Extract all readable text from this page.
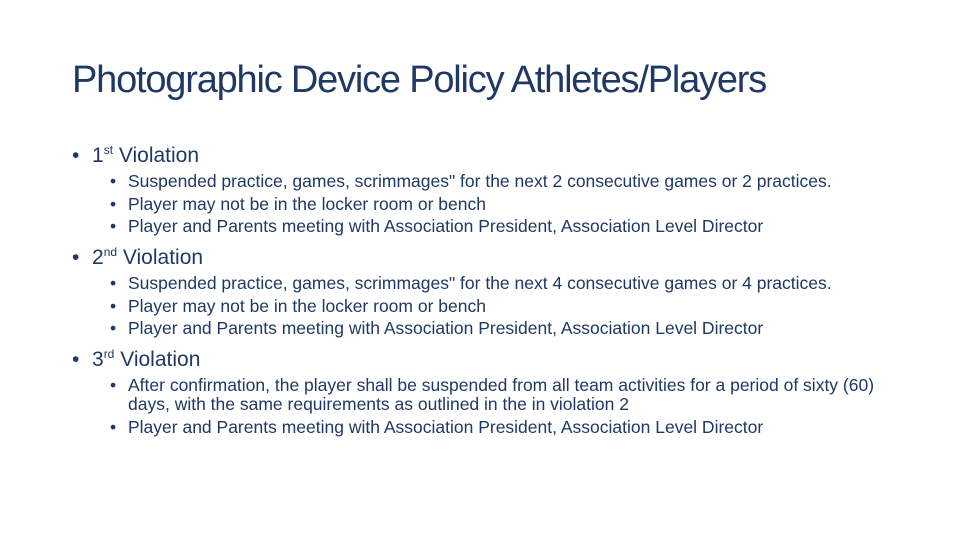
Photographic Device Policy Athletes/Players
• 1st Violation
• Suspended practice, games, scrimmages" for the next 2 consecutive games or 2 practices.
• Player may not be in the locker room or bench
• Player and Parents meeting with Association President, Association Level Director
• 2nd Violation
• Suspended practice, games, scrimmages" for the next 4 consecutive games or 4 practices.
• Player may not be in the locker room or bench
• Player and Parents meeting with Association President, Association Level Director
• 3rd Violation
• After confirmation, the player shall be suspended from all team activities for a period of sixty (60) days, with the same requirements as outlined in the in violation 2
• Player and Parents meeting with Association President, Association Level Director
